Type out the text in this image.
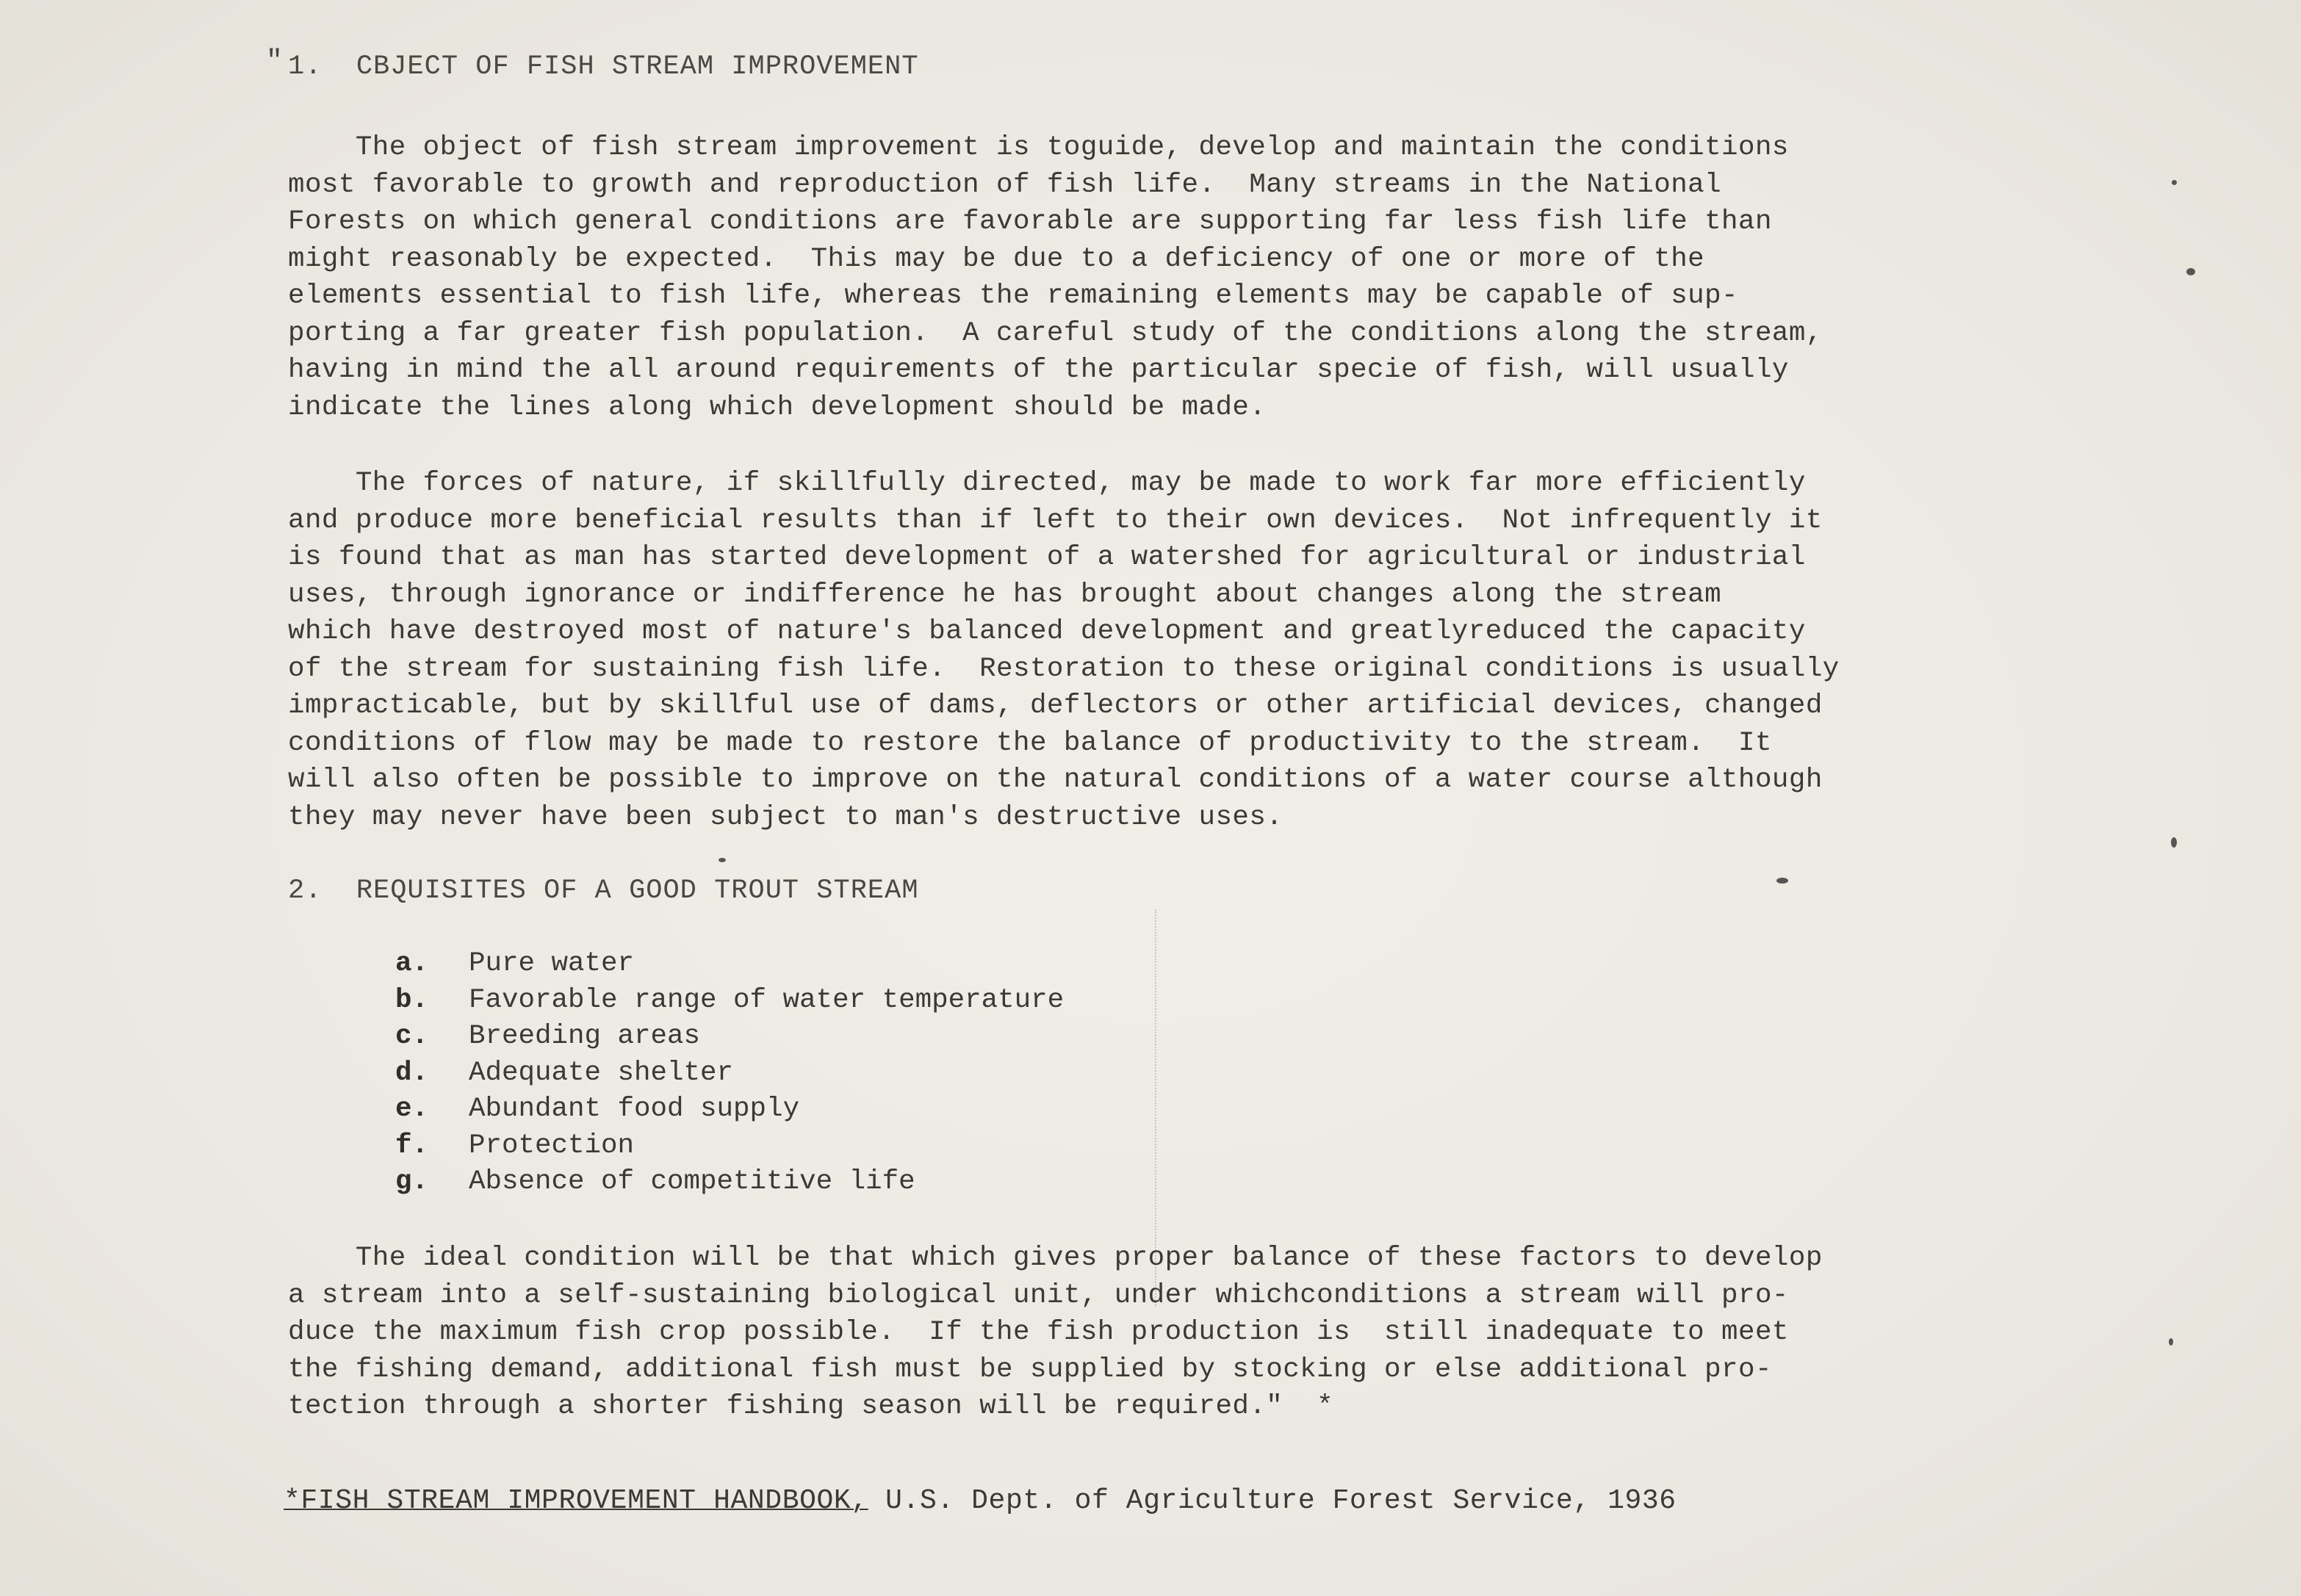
" 1.  CBJECT OF FISH STREAM IMPROVEMENT
The object of fish stream improvement is toguide, develop and maintain the conditions
most favorable to growth and reproduction of fish life.  Many streams in the National
Forests on which general conditions are favorable are supporting far less fish life than
might reasonably be expected.  This may be due to a deficiency of one or more of the
elements essential to fish life, whereas the remaining elements may be capable of sup-
porting a far greater fish population.  A careful study of the conditions along the stream,
having in mind the all around requirements of the particular specie of fish, will usually
indicate the lines along which development should be made.
The forces of nature, if skillfully directed, may be made to work far more efficiently
and produce more beneficial results than if left to their own devices.  Not infrequently it
is found that as man has started development of a watershed for agricultural or industrial
uses, through ignorance or indifference he has brought about changes along the stream
which have destroyed most of nature's balanced development and greatlyreduced the capacity
of the stream for sustaining fish life.  Restoration to these original conditions is usually
impracticable, but by skillful use of dams, deflectors or other artificial devices, changed
conditions of flow may be made to restore the balance of productivity to the stream.  It
will also often be possible to improve on the natural conditions of a water course although
they may never have been subject to man's destructive uses.
2.  REQUISITES OF A GOOD TROUT STREAM
a. Pure water
b. Favorable range of water temperature
c. Breeding areas
d. Adequate shelter
e. Abundant food supply
f. Protection
g. Absence of competitive life
The ideal condition will be that which gives proper balance of these factors to develop
a stream into a self-sustaining biological unit, under whichconditions a stream will pro-
duce the maximum fish crop possible.  If the fish production is  still inadequate to meet
the fishing demand, additional fish must be supplied by stocking or else additional pro-
tection through a shorter fishing season will be required."  *
*FISH STREAM IMPROVEMENT HANDBOOK, U.S. Dept. of Agriculture Forest Service, 1936
